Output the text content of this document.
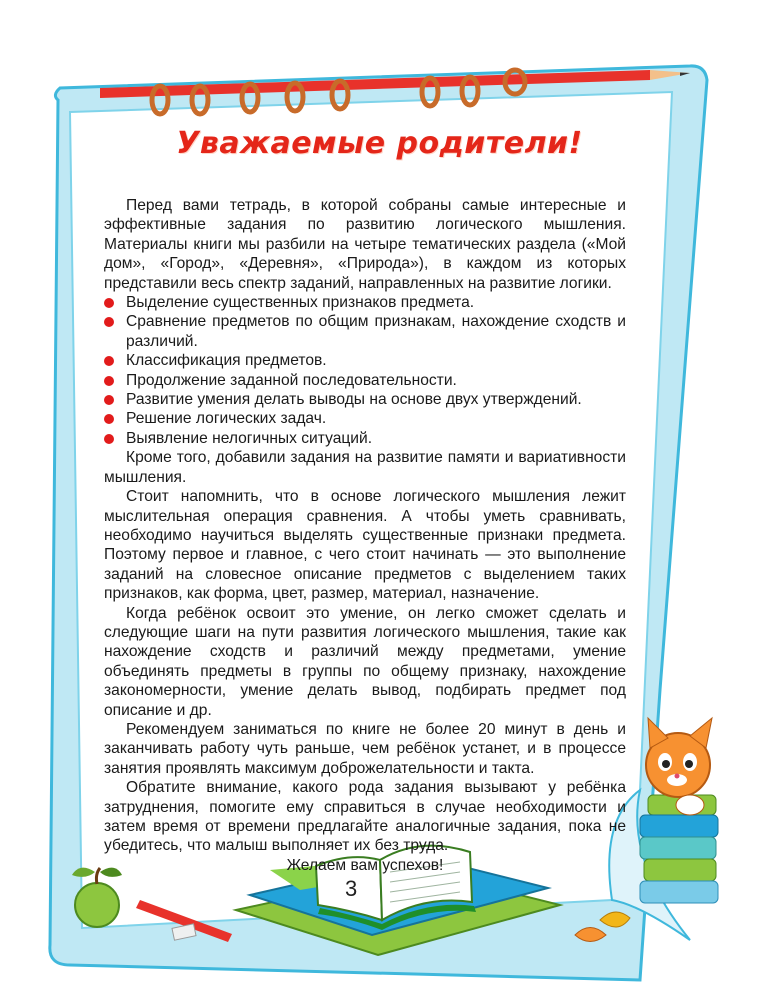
Уважаемые родители!

Перед вами тетрадь, в которой собраны самые интересные и эффективные задания по развитию логического мышления. Материалы книги мы разбили на четыре тематических раздела («Мой дом», «Город», «Деревня», «Природа»), в каждом из которых представили весь спектр заданий, направленных на развитие логики.

Выделение существенных признаков предмета.
Сравнение предметов по общим признакам, нахождение сходств и различий.
Классификация предметов.
Продолжение заданной последовательности.
Развитие умения делать выводы на основе двух утверждений.
Решение логических задач.
Выявление нелогичных ситуаций.

Кроме того, добавили задания на развитие памяти и вариативности мышления.

Стоит напомнить, что в основе логического мышления лежит мыслительная операция сравнения. А чтобы уметь сравнивать, необходимо научиться выделять существенные признаки предмета. Поэтому первое и главное, с чего стоит начинать — это выполнение заданий на словесное описание предметов с выделением таких признаков, как форма, цвет, размер, материал, назначение.

Когда ребёнок освоит это умение, он легко сможет сделать и следующие шаги на пути развития логического мышления, такие как нахождение сходств и различий между предметами, умение объединять предметы в группы по общему признаку, нахождение закономерности, умение делать вывод, подбирать предмет под описание и др.

Рекомендуем заниматься по книге не более 20 минут в день и заканчивать работу чуть раньше, чем ребёнок устанет, и в процессе занятия проявлять максимум доброжелательности и такта.

Обратите внимание, какого рода задания вызывают у ребёнка затруднения, помогите ему справиться в случае необходимости и затем время от времени предлагайте аналогичные задания, пока не убедитесь, что малыш выполняет их без труда.

Желаем вам успехов!

3
